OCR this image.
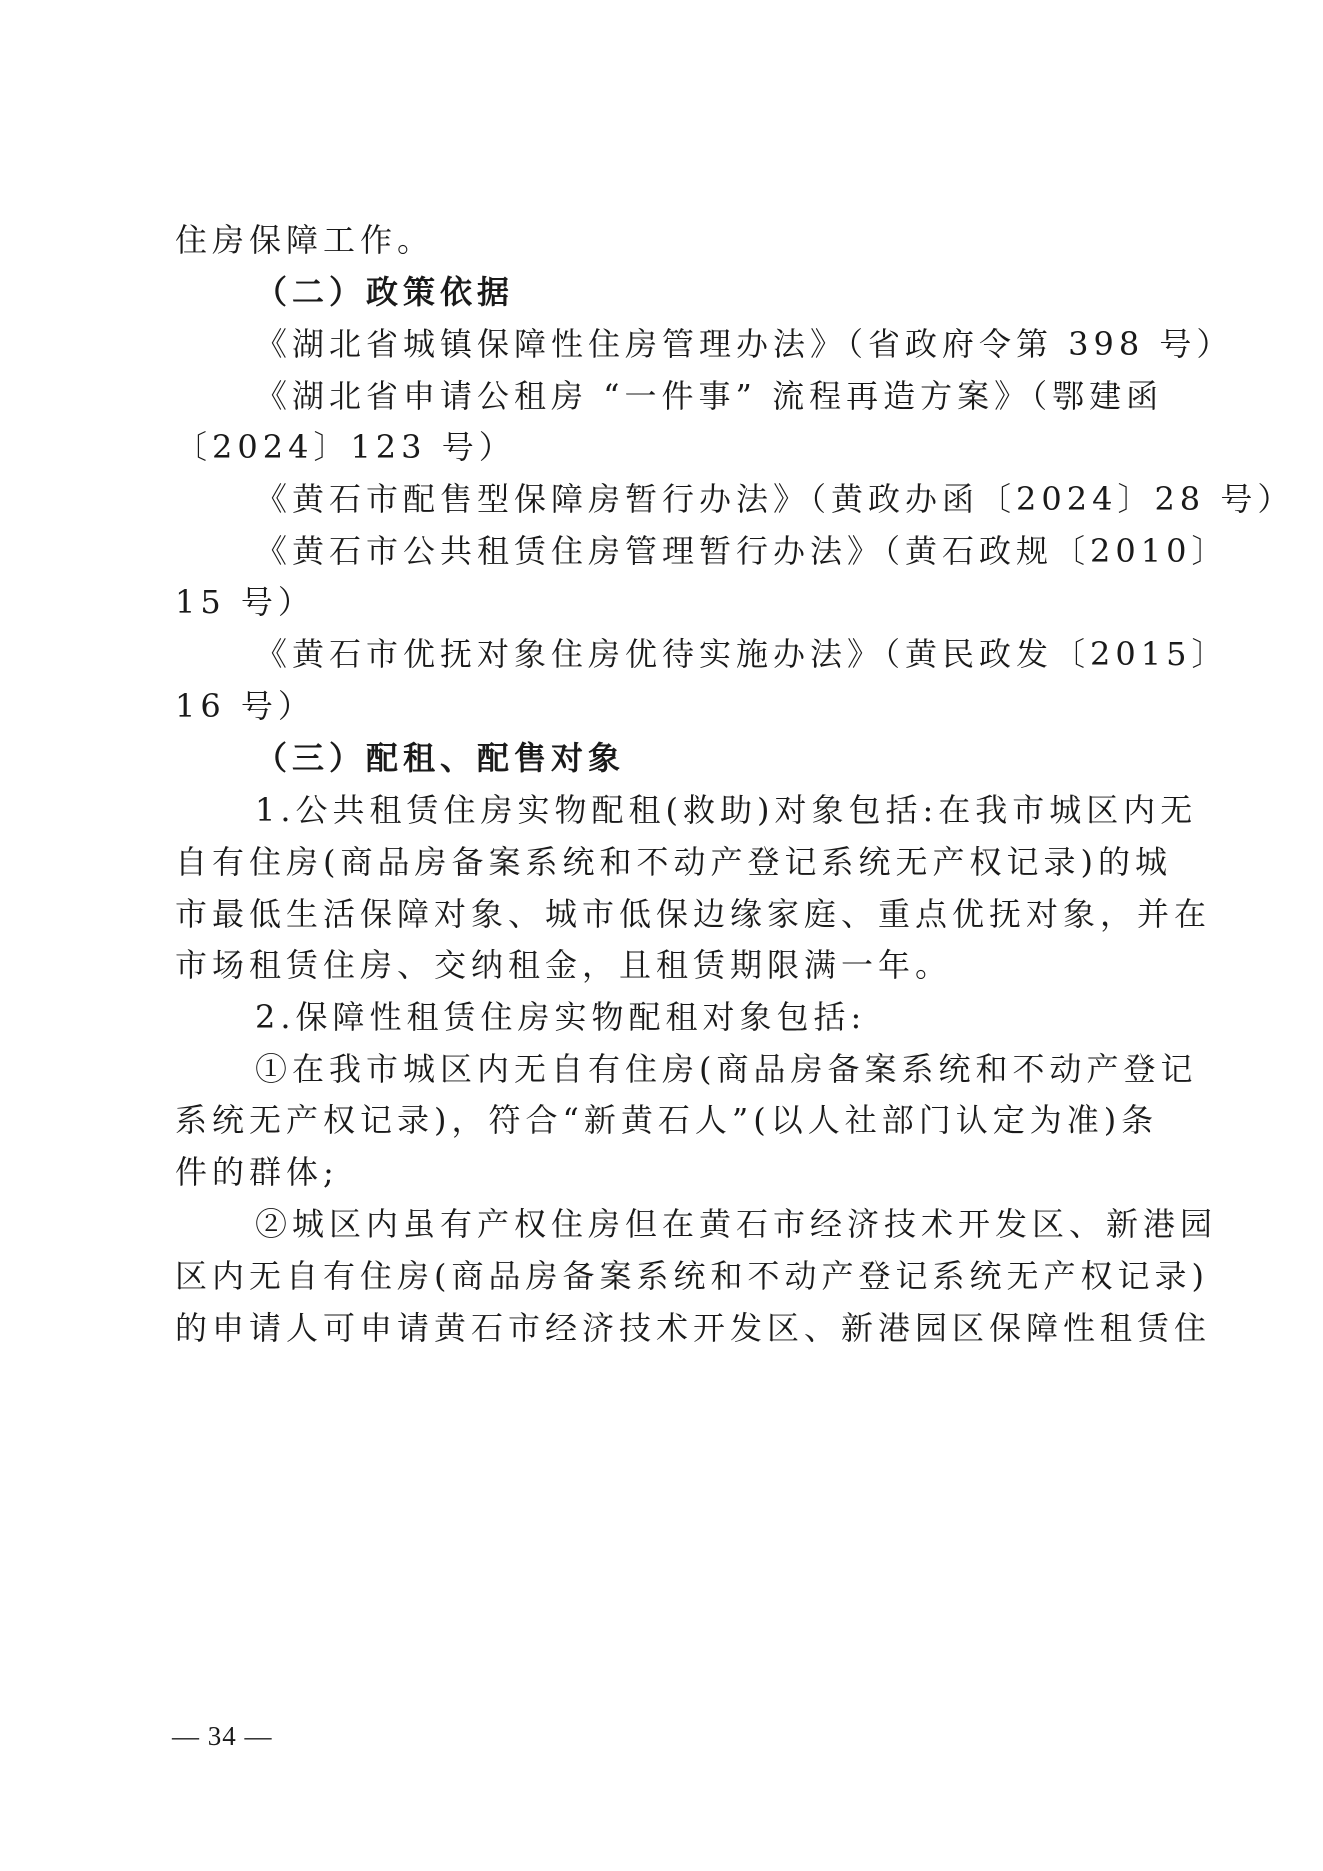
住房保障工作。

（二）政策依据

《湖北省城镇保障性住房管理办法》（省政府令第 398 号）

《湖北省申请公租房 “一件事” 流程再造方案》（鄂建函

〔2024〕123 号）

《黄石市配售型保障房暂行办法》（黄政办函〔2024〕28 号）

《黄石市公共租赁住房管理暂行办法》（黄石政规〔2010〕

15 号）

《黄石市优抚对象住房优待实施办法》（黄民政发〔2015〕

16 号）

（三）配租、配售对象

1.公共租赁住房实物配租(救助)对象包括:在我市城区内无

自有住房(商品房备案系统和不动产登记系统无产权记录)的城

市最低生活保障对象、城市低保边缘家庭、重点优抚对象，并在

市场租赁住房、交纳租金，且租赁期限满一年。

2.保障性租赁住房实物配租对象包括:

①在我市城区内无自有住房(商品房备案系统和不动产登记

系统无产权记录)，符合“新黄石人”(以人社部门认定为准)条

件的群体;

②城区内虽有产权住房但在黄石市经济技术开发区、新港园

区内无自有住房(商品房备案系统和不动产登记系统无产权记录)

的申请人可申请黄石市经济技术开发区、新港园区保障性租赁住

— 34 —
